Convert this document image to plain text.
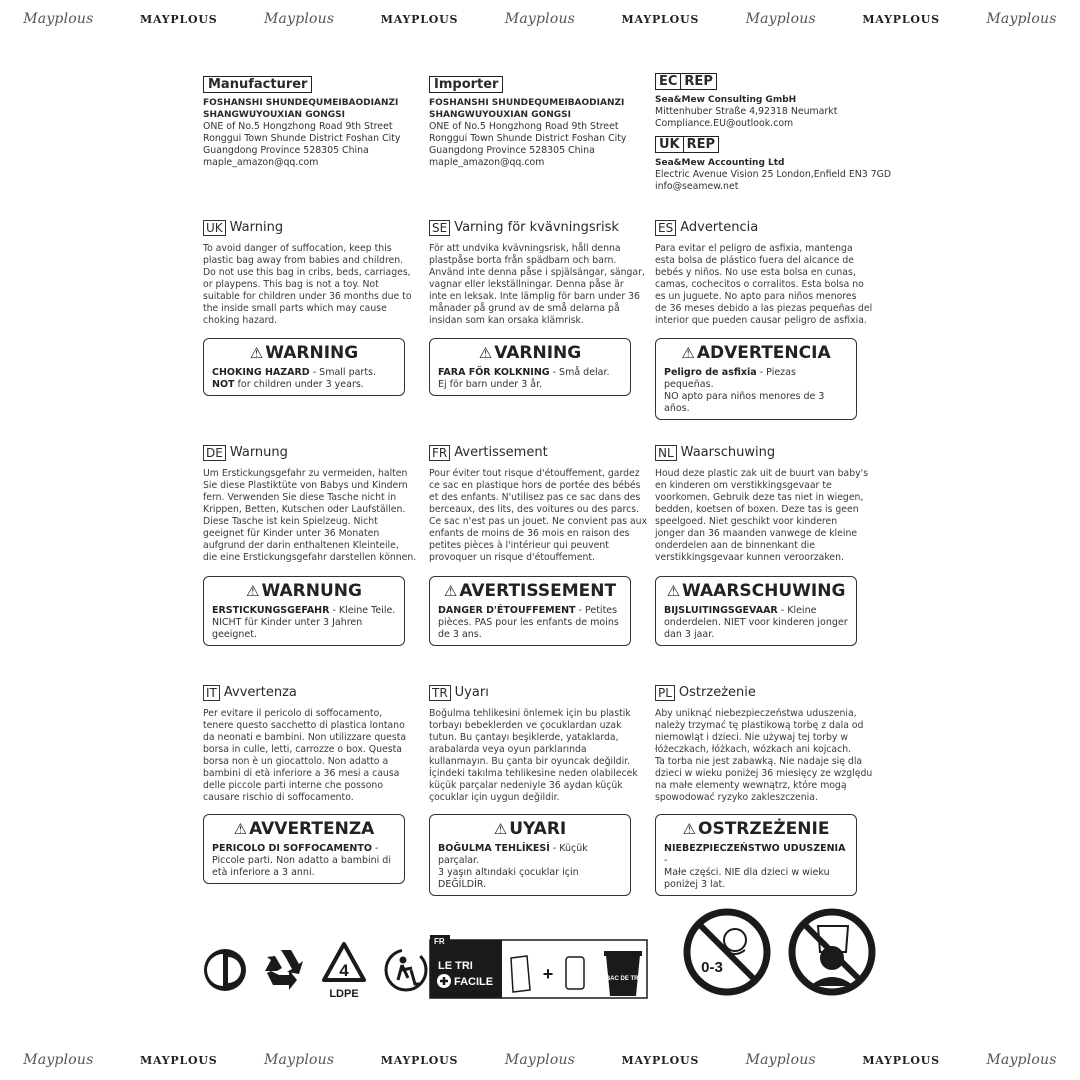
Mayplous	MAYPLOUS	Mayplous	MAYPLOUS	Mayplous	MAYPLOUS	Mayplous	MAYPLOUS	Mayplous
Manufacturer
FOSHANSHI SHUNDEQUMEIBAODIANZI
SHANGWUYOUXIAN GONGSI
ONE of No.5 Hongzhong Road 9th Street
Ronggui Town Shunde District Foshan City
Guangdong Province 528305 China
maple_amazon@qq.com
Importer
FOSHANSHI SHUNDEQUMEIBAODIANZI
SHANGWUYOUXIAN GONGSI
ONE of No.5 Hongzhong Road 9th Street
Ronggui Town Shunde District Foshan City
Guangdong Province 528305 China
maple_amazon@qq.com
EC REP
Sea&Mew Consulting GmbH
Mittenhuber Straße 4,92318 Neumarkt
Compliance.EU@outlook.com
UK REP
Sea&Mew Accounting Ltd
Electric Avenue Vision 25 London,Enfield EN3 7GD
info@seamew.net
UK Warning
To avoid danger of suffocation, keep this
plastic bag away from babies and children.
Do not use this bag in cribs, beds, carriages,
or playpens. This bag is not a toy. Not
suitable for children under 36 months due to
the inside small parts which may cause
choking hazard.
⚠ WARNING
CHOKING HAZARD - Small parts.
NOT for children under 3 years.
SE Varning för kvävningsrisk
För att undvika kvävningsrisk, håll denna
plastpåse borta från spädbarn och barn.
Använd inte denna påse i spjälsängar, sängar,
vagnar eller lekställningar. Denna påse är
inte en leksak. Inte lämplig för barn under 36
månader på grund av de små delarna på
insidan som kan orsaka klämrisk.
⚠ VARNING
FARA FÖR KOLKNING - Små delar.
Ej för barn under 3 år.
ES Advertencia
Para evitar el peligro de asfixia, mantenga
esta bolsa de plástico fuera del alcance de
bebés y niños. No use esta bolsa en cunas,
camas, cochecitos o corralitos. Esta bolsa no
es un juguete. No apto para niños menores
de 36 meses debido a las piezas pequeñas del
interior que pueden causar peligro de asfixia.
⚠ ADVERTENCIA
Peligro de asfixia - Piezas pequeñas.
NO apto para niños menores de 3 años.
DE Warnung
Um Erstickungsgefahr zu vermeiden, halten
Sie diese Plastiktüte von Babys und Kindern
fern. Verwenden Sie diese Tasche nicht in
Krippen, Betten, Kutschen oder Laufställen.
Diese Tasche ist kein Spielzeug. Nicht
geeignet für Kinder unter 36 Monaten
aufgrund der darin enthaltenen Kleinteile,
die eine Erstickungsgefahr darstellen können.
⚠ WARNUNG
ERSTICKUNGSGEFAHR - Kleine Teile.
NICHT für Kinder unter 3 Jahren geeignet.
FR Avertissement
Pour éviter tout risque d'étouffement, gardez
ce sac en plastique hors de portée des bébés
et des enfants. N'utilisez pas ce sac dans des
berceaux, des lits, des voitures ou des parcs.
Ce sac n'est pas un jouet. Ne convient pas aux
enfants de moins de 36 mois en raison des
petites pièces à l'intérieur qui peuvent
provoquer un risque d'étouffement.
⚠ AVERTISSEMENT
DANGER D'ÉTOUFFEMENT - Petites
pièces. PAS pour les enfants de moins de 3 ans.
NL Waarschuwing
Houd deze plastic zak uit de buurt van baby's
en kinderen om verstikkingsgevaar te
voorkomen. Gebruik deze tas niet in wiegen,
bedden, koetsen of boxen. Deze tas is geen
speelgoed. Niet geschikt voor kinderen
jonger dan 36 maanden vanwege de kleine
onderdelen aan de binnenkant die
verstikkingsgevaar kunnen veroorzaken.
⚠ WAARSCHUWING
BIJSLUITINGSGEVAAR - Kleine
onderdelen. NIET voor kinderen jonger dan 3 jaar.
IT Avvertenza
Per evitare il pericolo di soffocamento,
tenere questo sacchetto di plastica lontano
da neonati e bambini. Non utilizzare questa
borsa in culle, letti, carrozze o box. Questa
borsa non è un giocattolo. Non adatto a
bambini di età inferiore a 36 mesi a causa
delle piccole parti interne che possono
causare rischio di soffocamento.
⚠ AVVERTENZA
PERICOLO DI SOFFOCAMENTO -
Piccole parti. Non adatto a bambini di età inferiore a 3 anni.
TR Uyarı
Boğulma tehlikesini önlemek için bu plastik
torbayı bebeklerden ve çocuklardan uzak
tutun. Bu çantayı beşiklerde, yataklarda,
arabalarda veya oyun parklarında
kullanmayın. Bu çanta bir oyuncak değildir.
İçindeki takılma tehlikesine neden olabilecek
küçük parçalar nedeniyle 36 aydan küçük
çocuklar için uygun değildir.
⚠ UYARI
BOĞULMA TEHLİKESİ - Küçük parçalar.
3 yaşın altındaki çocuklar için DEĞİLDİR.
PL Ostrzeżenie
Aby uniknąć niebezpieczeństwa uduszenia,
należy trzymać tę plastikową torbę z dala od
niemowląt i dzieci. Nie używaj tej torby w
łóżeczkach, łóżkach, wózkach ani kojcach.
Ta torba nie jest zabawką. Nie nadaje się dla
dzieci w wieku poniżej 36 miesięcy ze względu
na małe elementy wewnątrz, które mogą
spowodować ryzyko zakleszczenia.
⚠ OSTRZEŻENIE
NIEBEZPIECZEŃSTWO UDUSZENIA -
Małe części. NIE dla dzieci w wieku poniżej 3 lat.
4
LDPE
FR
LE TRI
FACILE	+	BAC DE TRI
0-3
Mayplous	MAYPLOUS	Mayplous	MAYPLOUS	Mayplous	MAYPLOUS	Mayplous	MAYPLOUS	Mayplous
